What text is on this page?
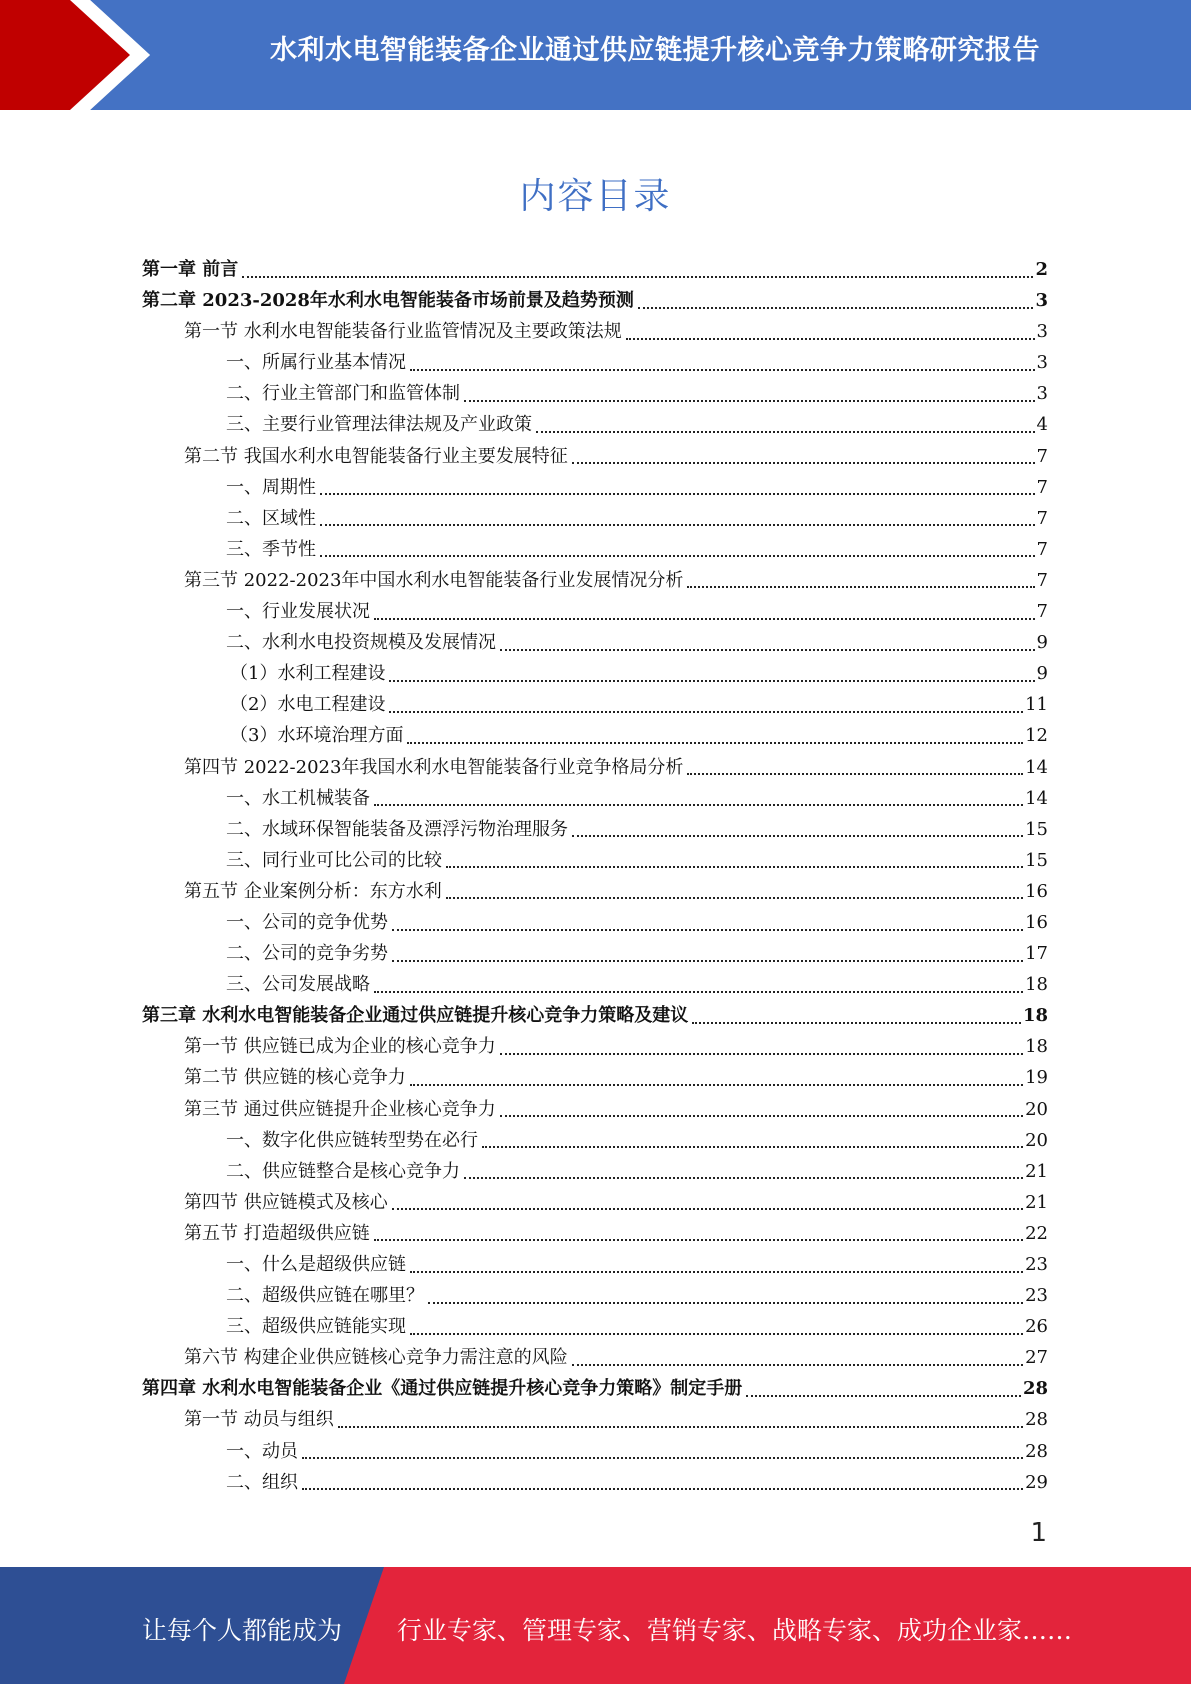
水利水电智能装备企业通过供应链提升核心竞争力策略研究报告
内容目录
第一章 前言	2
第二章 2023-2028年水利水电智能装备市场前景及趋势预测	3
第一节 水利水电智能装备行业监管情况及主要政策法规	3
一、所属行业基本情况	3
二、行业主管部门和监管体制	3
三、主要行业管理法律法规及产业政策	4
第二节 我国水利水电智能装备行业主要发展特征	7
一、周期性	7
二、区域性	7
三、季节性	7
第三节 2022-2023年中国水利水电智能装备行业发展情况分析	7
一、行业发展状况	7
二、水利水电投资规模及发展情况	9
（1）水利工程建设	9
（2）水电工程建设	11
（3）水环境治理方面	12
第四节 2022-2023年我国水利水电智能装备行业竞争格局分析	14
一、水工机械装备	14
二、水域环保智能装备及漂浮污物治理服务	15
三、同行业可比公司的比较	15
第五节 企业案例分析：东方水利	16
一、公司的竞争优势	16
二、公司的竞争劣势	17
三、公司发展战略	18
第三章 水利水电智能装备企业通过供应链提升核心竞争力策略及建议	18
第一节 供应链已成为企业的核心竞争力	18
第二节 供应链的核心竞争力	19
第三节 通过供应链提升企业核心竞争力	20
一、数字化供应链转型势在必行	20
二、供应链整合是核心竞争力	21
第四节 供应链模式及核心	21
第五节 打造超级供应链	22
一、什么是超级供应链	23
二、超级供应链在哪里？	23
三、超级供应链能实现	26
第六节 构建企业供应链核心竞争力需注意的风险	27
第四章 水利水电智能装备企业《通过供应链提升核心竞争力策略》制定手册	28
第一节 动员与组织	28
一、动员	28
二、组织	29
1
让每个人都能成为 行业专家、管理专家、营销专家、战略专家、成功企业家……
